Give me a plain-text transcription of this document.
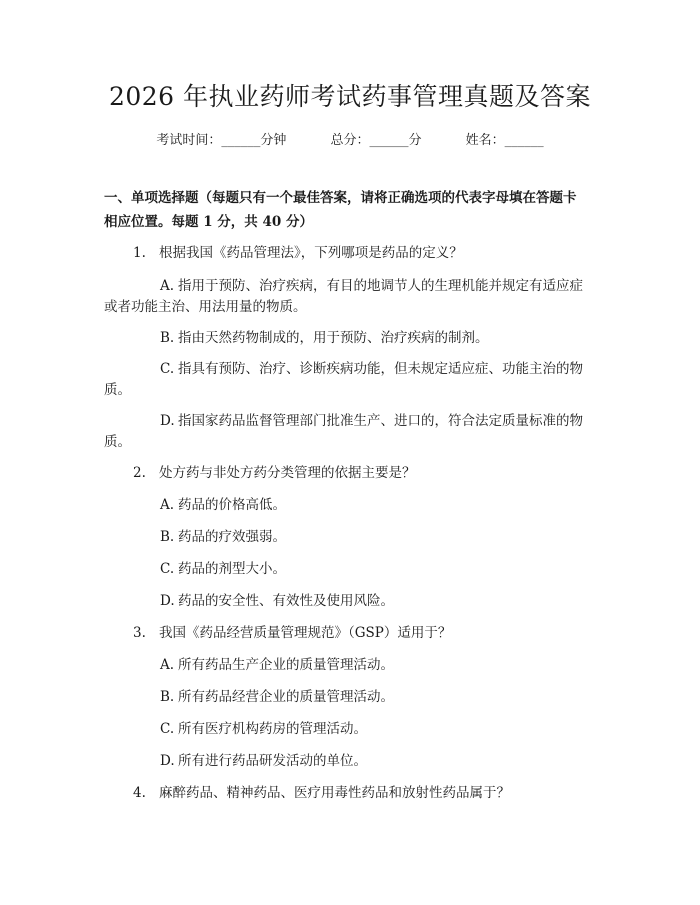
2026 年执业药师考试药事管理真题及答案
考试时间：______分钟	总分：______分	姓名：______
一、单项选择题（每题只有一个最佳答案，请将正确选项的代表字母填在答题卡
相应位置。每题 1 分，共 40 分）
1. 根据我国《药品管理法》，下列哪项是药品的定义？
A. 指用于预防、治疗疾病，有目的地调节人的生理机能并规定有适应症
或者功能主治、用法用量的物质。
B. 指由天然药物制成的，用于预防、治疗疾病的制剂。
C. 指具有预防、治疗、诊断疾病功能，但未规定适应症、功能主治的物
质。
D. 指国家药品监督管理部门批准生产、进口的，符合法定质量标准的物
质。
2. 处方药与非处方药分类管理的依据主要是？
A. 药品的价格高低。
B. 药品的疗效强弱。
C. 药品的剂型大小。
D. 药品的安全性、有效性及使用风险。
3. 我国《药品经营质量管理规范》（GSP）适用于？
A. 所有药品生产企业的质量管理活动。
B. 所有药品经营企业的质量管理活动。
C. 所有医疗机构药房的管理活动。
D. 所有进行药品研发活动的单位。
4. 麻醉药品、精神药品、医疗用毒性药品和放射性药品属于？
